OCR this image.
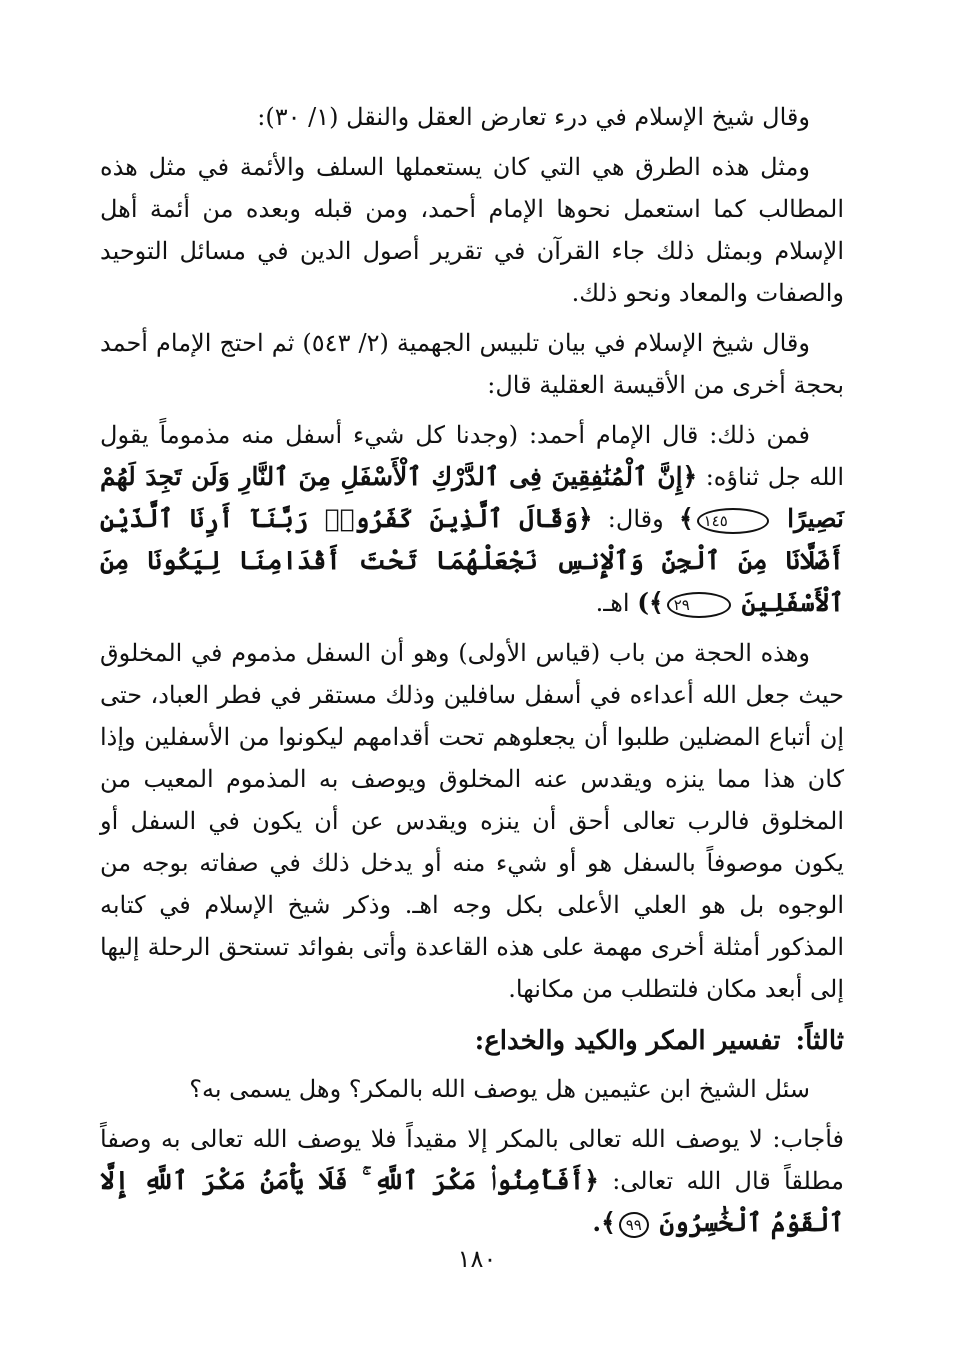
وقال شيخ الإسلام في درء تعارض العقل والنقل (١/ ٣٠):

ومثل هذه الطرق هي التي كان يستعملها السلف والأئمة في مثل هذه المطالب كما استعمل نحوها الإمام أحمد، ومن قبله وبعده من أئمة أهل الإسلام وبمثل ذلك جاء القرآن في تقرير أصول الدين في مسائل التوحيد والصفات والمعاد ونحو ذلك.

وقال شيخ الإسلام في بيان تلبيس الجهمية (٢/ ٥٤٣) ثم احتج الإمام أحمد بحجة أخرى من الأقيسة العقلية قال:

فمن ذلك: قال الإمام أحمد: (وجدنا كل شيء أسفل منه مذموماً يقول الله جل ثناؤه: ﴿إِنَّ ٱلْمُنَٰفِقِينَ فِى ٱلدَّرْكِ ٱلْأَسْفَلِ مِنَ ٱلنَّارِ وَلَن تَجِدَ لَهُمْ نَصِيرًا ١٤٥﴾ وقال: ﴿وَقَالَ ٱلَّذِينَ كَفَرُوا۟ رَبَّنَآ أَرِنَا ٱلَّذَيْنِ أَضَلَّانَا مِنَ ٱلْجِنِّ وَٱلْإِنسِ نَجْعَلْهُمَا تَحْتَ أَقْدَامِنَا لِيَكُونَا مِنَ ٱلْأَسْفَلِينَ ٢٩﴾) اهـ.

وهذه الحجة من باب (قياس الأولى) وهو أن السفل مذموم في المخلوق حيث جعل الله أعداءه في أسفل سافلين وذلك مستقر في فطر العباد، حتى إن أتباع المضلين طلبوا أن يجعلوهم تحت أقدامهم ليكونوا من الأسفلين وإذا كان هذا مما ينزه ويقدس عنه المخلوق ويوصف به المذموم المعيب من المخلوق فالرب تعالى أحق أن ينزه ويقدس عن أن يكون في السفل أو يكون موصوفاً بالسفل هو أو شيء منه أو يدخل ذلك في صفاته بوجه من الوجوه بل هو العلي الأعلى بكل وجه اهـ. وذكر شيخ الإسلام في كتابه المذكور أمثلة أخرى مهمة على هذه القاعدة وأتى بفوائد تستحق الرحلة إليها إلى أبعد مكان فلتطلب من مكانها.

ثالثاً: تفسير المكر والكيد والخداع:

سئل الشيخ ابن عثيمين هل يوصف الله بالمكر؟ وهل يسمى به؟

فأجاب: لا يوصف الله تعالى بالمكر إلا مقيداً فلا يوصف الله تعالى به وصفاً مطلقاً قال الله تعالى: ﴿أَفَأَمِنُوا۟ مَكْرَ ٱللَّهِ ۚ فَلَا يَأْمَنُ مَكْرَ ٱللَّهِ إِلَّا ٱلْقَوْمُ ٱلْخَٰسِرُونَ ٩٩﴾.

١٨٠
